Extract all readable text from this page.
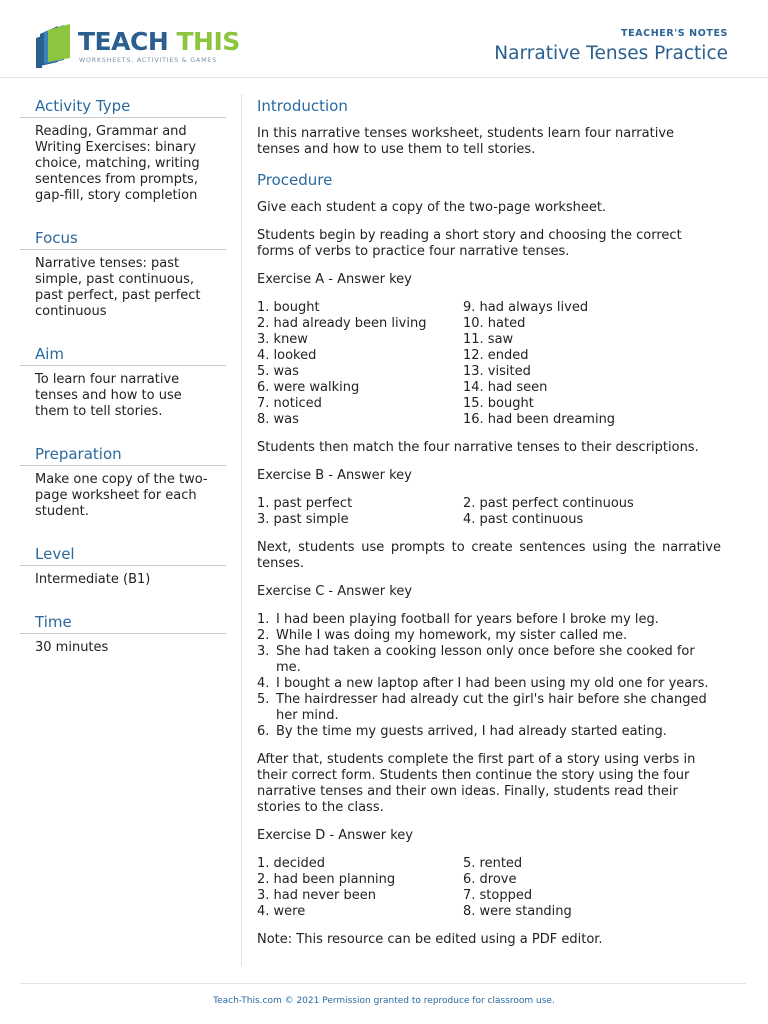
TEACH THIS
WORKSHEETS, ACTIVITIES & GAMES
TEACHER'S NOTES
Narrative Tenses Practice
Activity Type
Reading, Grammar and Writing Exercises: binary choice, matching, writing sentences from prompts, gap-fill, story completion
Focus
Narrative tenses: past simple, past continuous, past perfect, past perfect continuous
Aim
To learn four narrative tenses and how to use them to tell stories.
Preparation
Make one copy of the two-page worksheet for each student.
Level
Intermediate (B1)
Time
30 minutes
Introduction
In this narrative tenses worksheet, students learn four narrative tenses and how to use them to tell stories.
Procedure
Give each student a copy of the two-page worksheet.
Students begin by reading a short story and choosing the correct forms of verbs to practice four narrative tenses.
Exercise A - Answer key
1. bought
2. had already been living
3. knew
4. looked
5. was
6. were walking
7. noticed
8. was
9. had always lived
10. hated
11. saw
12. ended
13. visited
14. had seen
15. bought
16. had been dreaming
Students then match the four narrative tenses to their descriptions.
Exercise B - Answer key
1. past perfect
3. past simple
2. past perfect continuous
4. past continuous
Next, students use prompts to create sentences using the narrative tenses.
Exercise C - Answer key
1. I had been playing football for years before I broke my leg.
2. While I was doing my homework, my sister called me.
3. She had taken a cooking lesson only once before she cooked for me.
4. I bought a new laptop after I had been using my old one for years.
5. The hairdresser had already cut the girl's hair before she changed her mind.
6. By the time my guests arrived, I had already started eating.
After that, students complete the first part of a story using verbs in their correct form. Students then continue the story using the four narrative tenses and their own ideas. Finally, students read their stories to the class.
Exercise D - Answer key
1. decided
2. had been planning
3. had never been
4. were
5. rented
6. drove
7. stopped
8. were standing
Note: This resource can be edited using a PDF editor.
Teach-This.com © 2021 Permission granted to reproduce for classroom use.
